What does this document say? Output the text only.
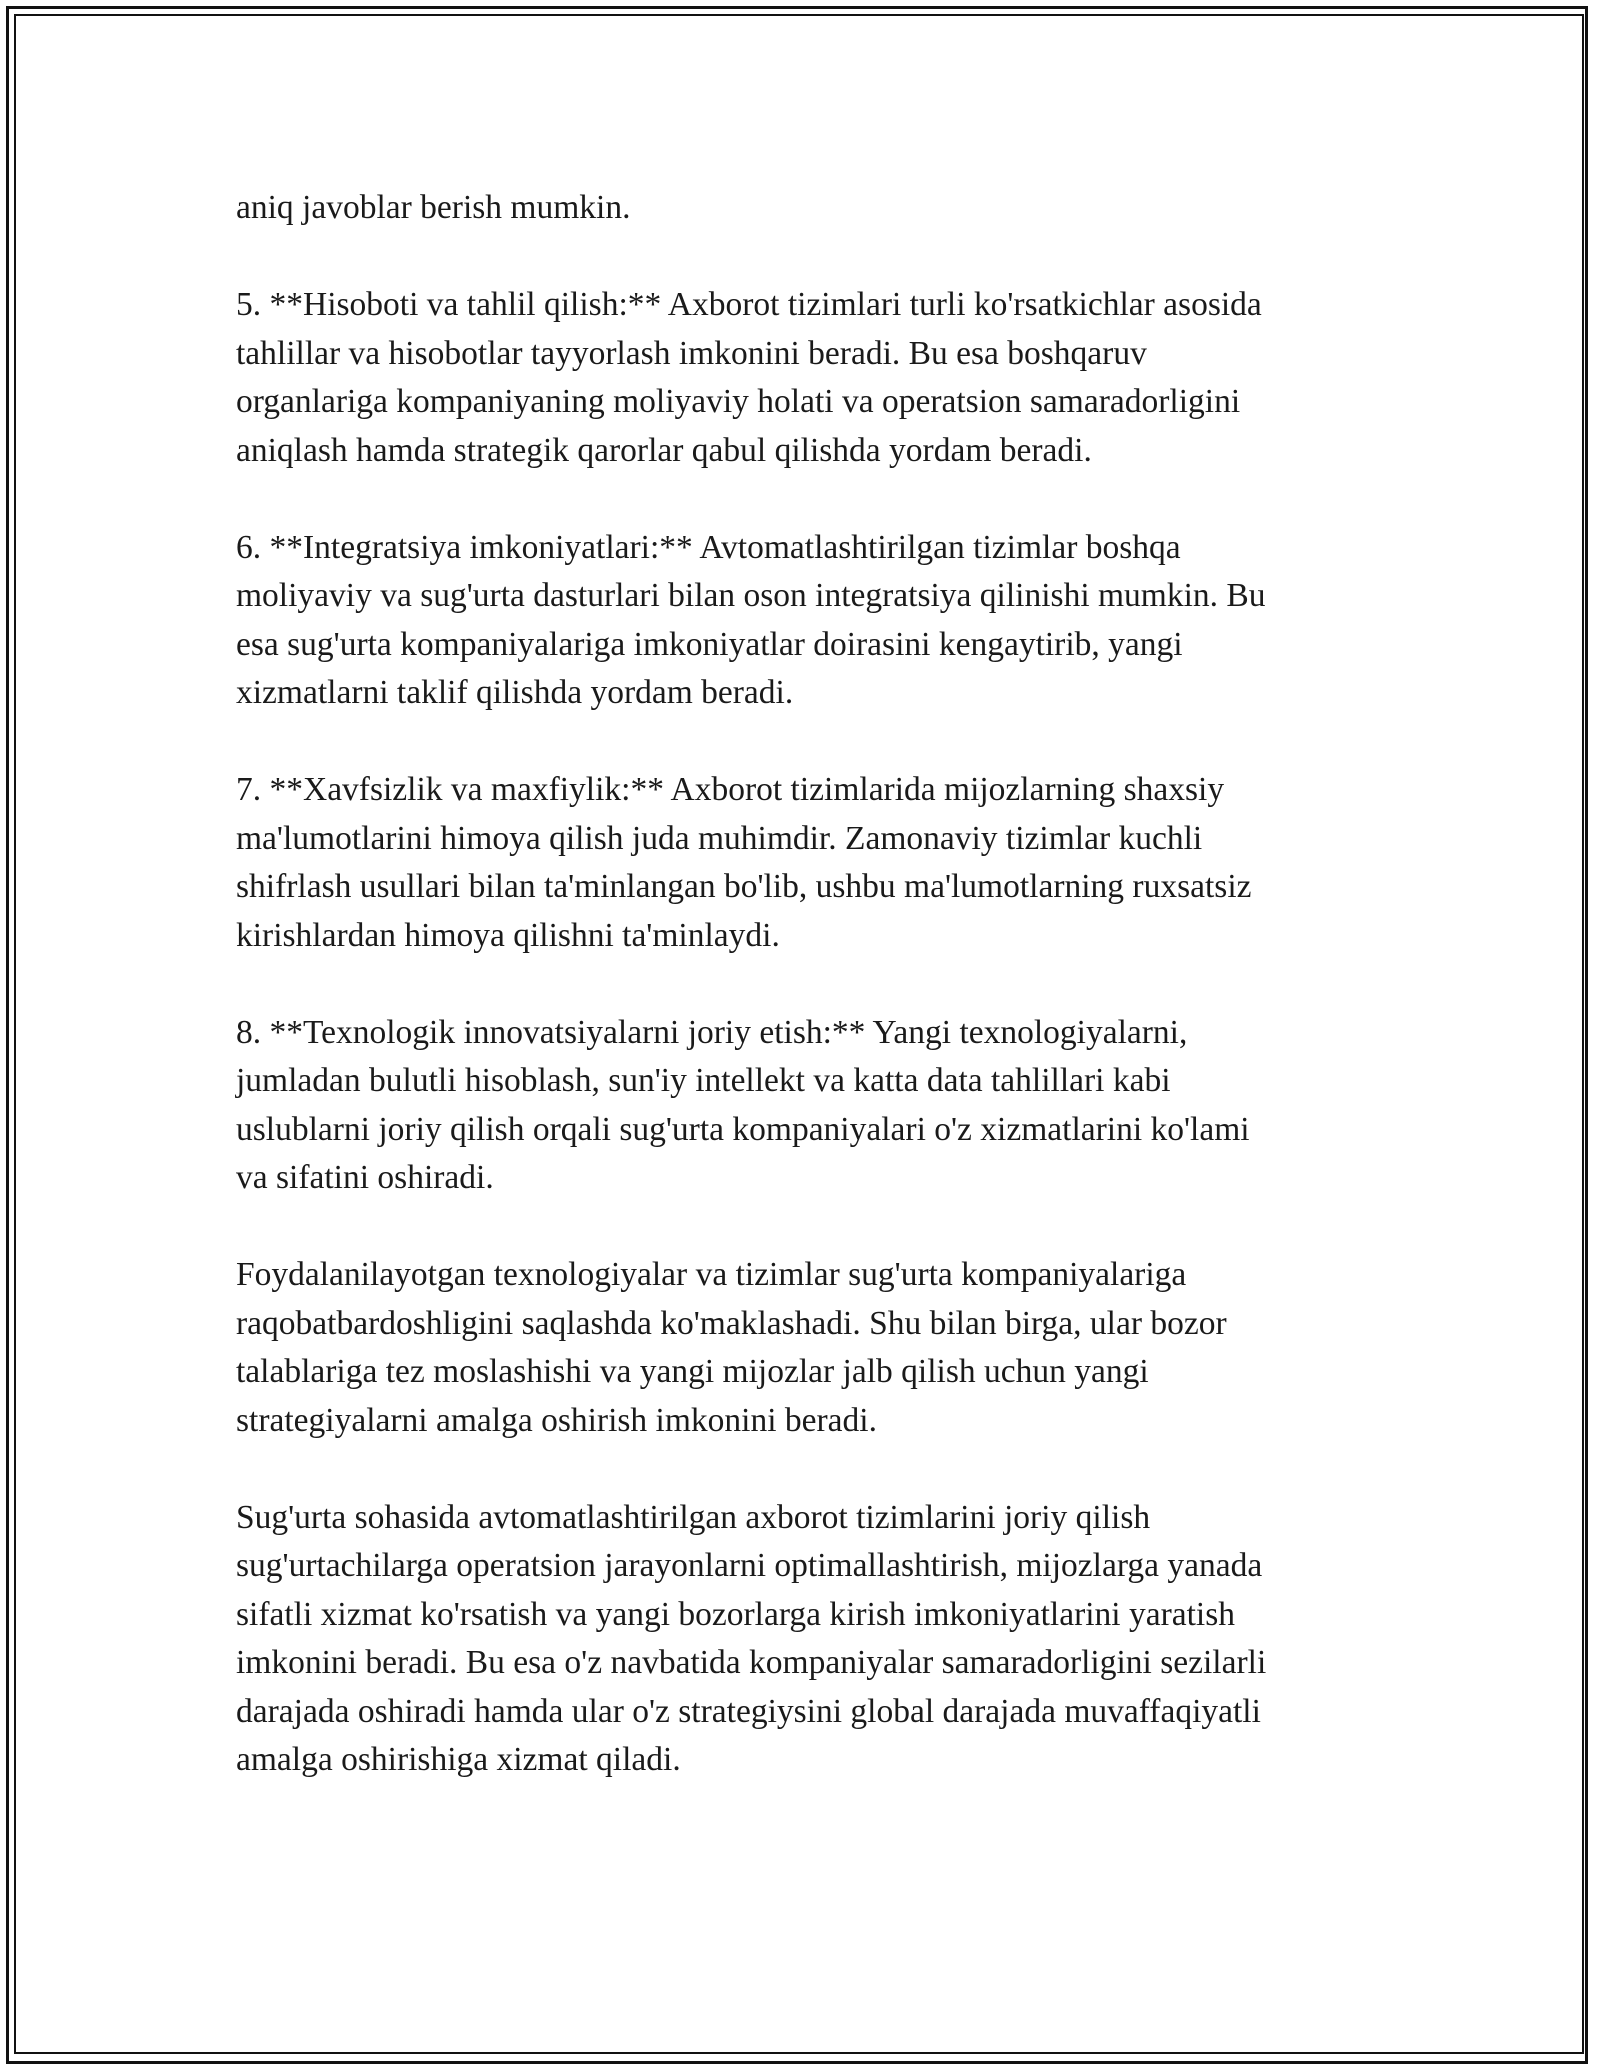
aniq javoblar berish mumkin.

5. **Hisoboti va tahlil qilish:** Axborot tizimlari turli ko'rsatkichlar asosida
tahlillar va hisobotlar tayyorlash imkonini beradi. Bu esa boshqaruv
organlariga kompaniyaning moliyaviy holati va operatsion samaradorligini
aniqlash hamda strategik qarorlar qabul qilishda yordam beradi.

6. **Integratsiya imkoniyatlari:** Avtomatlashtirilgan tizimlar boshqa
moliyaviy va sug'urta dasturlari bilan oson integratsiya qilinishi mumkin. Bu
esa sug'urta kompaniyalariga imkoniyatlar doirasini kengaytirib, yangi
xizmatlarni taklif qilishda yordam beradi.

7. **Xavfsizlik va maxfiylik:** Axborot tizimlarida mijozlarning shaxsiy
ma'lumotlarini himoya qilish juda muhimdir. Zamonaviy tizimlar kuchli
shifrlash usullari bilan ta'minlangan bo'lib, ushbu ma'lumotlarning ruxsatsiz
kirishlardan himoya qilishni ta'minlaydi.

8. **Texnologik innovatsiyalarni joriy etish:** Yangi texnologiyalarni,
jumladan bulutli hisoblash, sun'iy intellekt va katta data tahlillari kabi
uslublarni joriy qilish orqali sug'urta kompaniyalari o'z xizmatlarini ko'lami
va sifatini oshiradi.

Foydalanilayotgan texnologiyalar va tizimlar sug'urta kompaniyalariga
raqobatbardoshligini saqlashda ko'maklashadi. Shu bilan birga, ular bozor
talablariga tez moslashishi va yangi mijozlar jalb qilish uchun yangi
strategiyalarni amalga oshirish imkonini beradi.

Sug'urta sohasida avtomatlashtirilgan axborot tizimlarini joriy qilish
sug'urtachilarga operatsion jarayonlarni optimallashtirish, mijozlarga yanada
sifatli xizmat ko'rsatish va yangi bozorlarga kirish imkoniyatlarini yaratish
imkonini beradi. Bu esa o'z navbatida kompaniyalar samaradorligini sezilarli
darajada oshiradi hamda ular o'z strategiysini global darajada muvaffaqiyatli
amalga oshirishiga xizmat qiladi.
